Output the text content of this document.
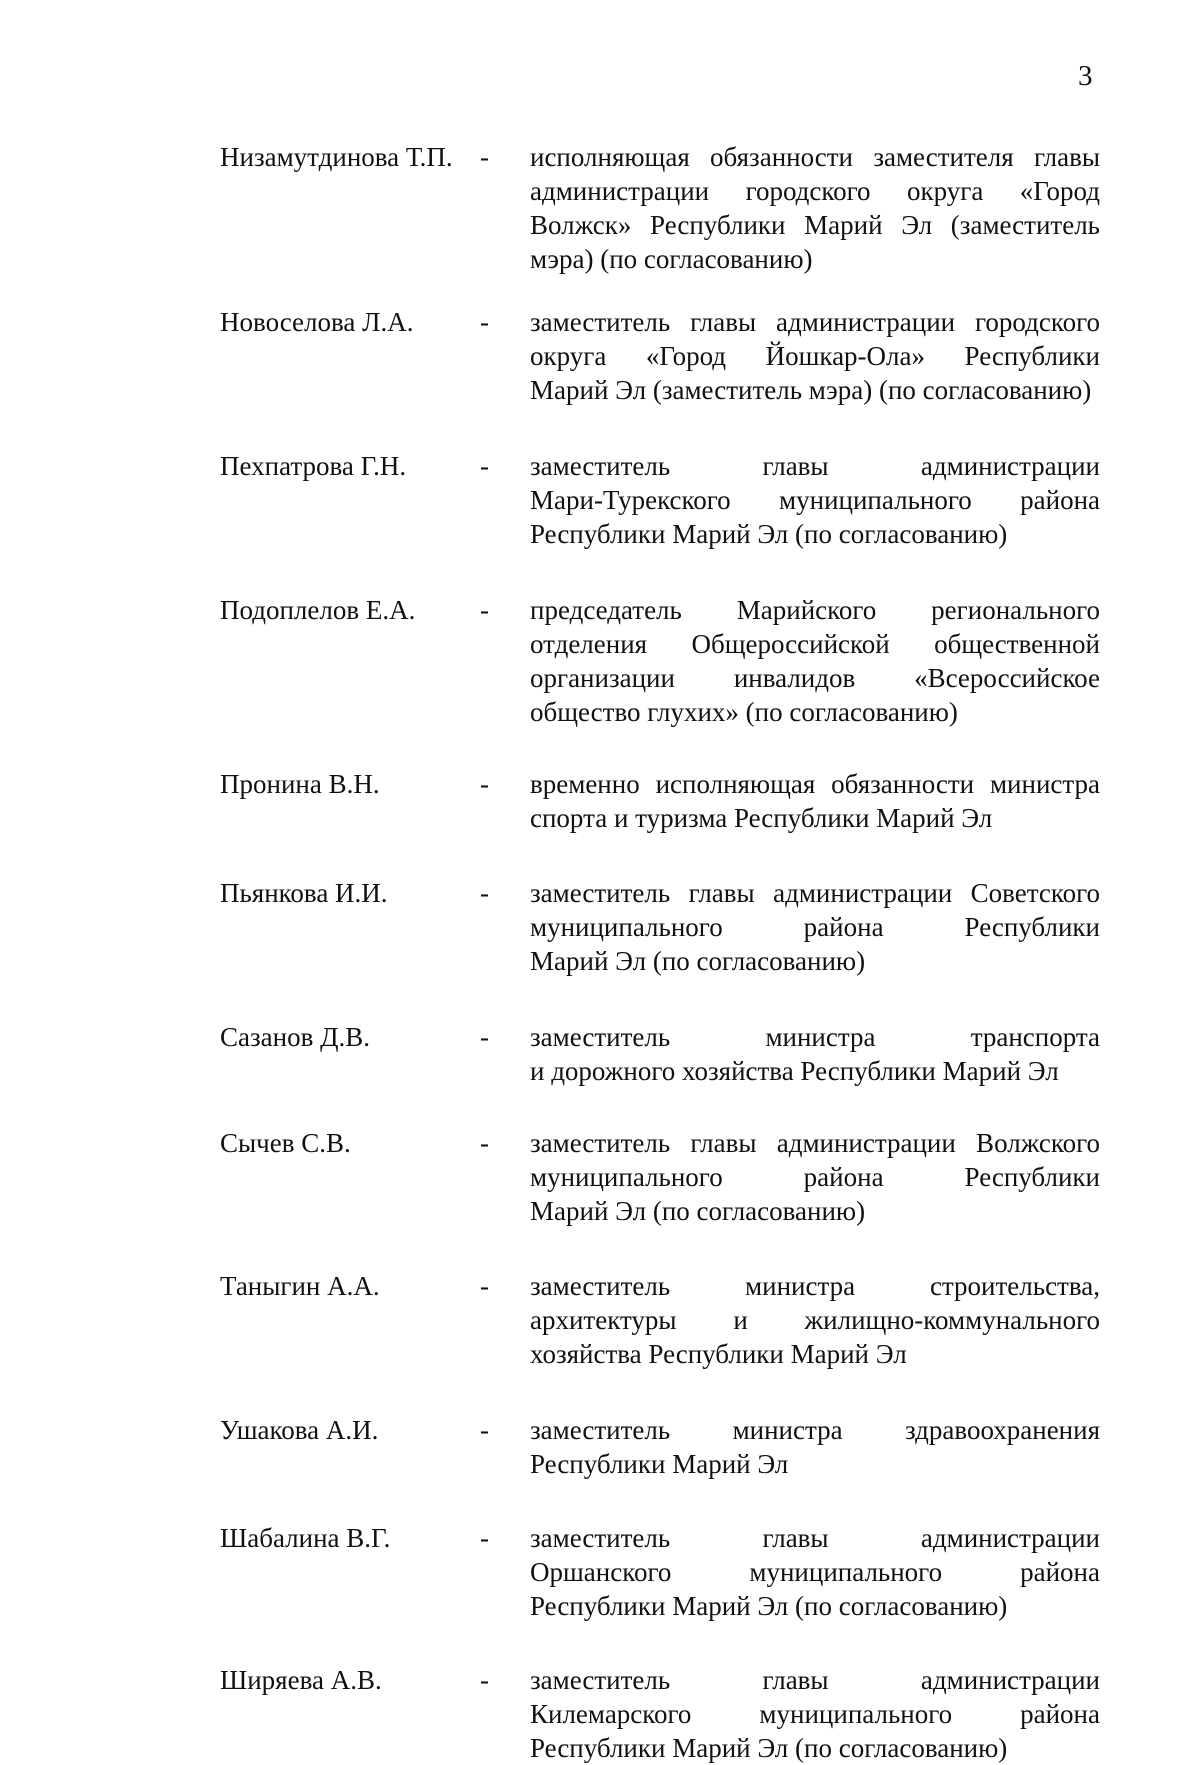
3
Низамутдинова Т.П. - исполняющая обязанности заместителя главы
администрации городского округа «Город
Волжск» Республики Марий Эл (заместитель
мэра) (по согласованию)
Новоселова Л.А. - заместитель главы администрации городского
округа «Город Йошкар-Ола» Республики
Марий Эл (заместитель мэра) (по согласованию)
Пехпатрова Г.Н.	- заместитель главы администрации
Мари-Турекского муниципального района
Республики Марий Эл (по согласованию)
Подоплелов Е.А. - председатель Марийского регионального
отделения Общероссийской общественной
организации инвалидов «Всероссийское
общество глухих» (по согласованию)
Пронина В.Н.	- временно исполняющая обязанности министра
спорта и туризма Республики Марий Эл
Пьянкова И.И.	- заместитель главы администрации Советского
муниципального района Республики
Марий Эл (по согласованию)
Сазанов Д.В.	- заместитель министра транспорта
и дорожного хозяйства Республики Марий Эл
Сычев С.В.	- заместитель главы администрации Волжского
муниципального района Республики
Марий Эл (по согласованию)
Таныгин А.А.	- заместитель министра строительства,
архитектуры и жилищно-коммунального
хозяйства Республики Марий Эл
Ушакова А.И.	- заместитель министра здравоохранения
Республики Марий Эл
Шабалина В.Г.	- заместитель главы администрации
Оршанского муниципального района
Республики Марий Эл (по согласованию)
Ширяева А.В.	- заместитель главы администрации
Килемарского муниципального района
Республики Марий Эл (по согласованию)
